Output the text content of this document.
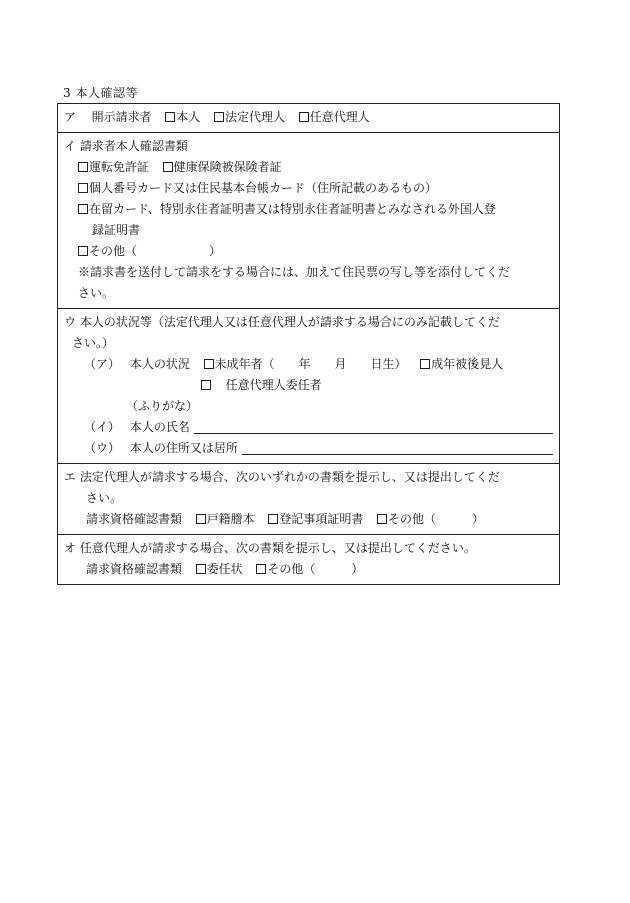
3 本人確認等
ア 開示請求者 本人 法定代理人 任意代理人
イ 請求者本人確認書類
運転免許証 健康保険被保険者証
個人番号カード又は住民基本台帳カード（住所記載のあるもの）
在留カード、特別永住者証明書又は特別永住者証明書とみなされる外国人登
録証明書
その他（　　　　　　）
※請求書を送付して請求をする場合には、加えて住民票の写し等を添付してくだ
さい。
ウ 本人の状況等（法定代理人又は任意代理人が請求する場合にのみ記載してくだ
さい。）
（ア） 本人の状況 未成年者（　　年　　月　　日生） 成年被後見人
任意代理人委任者
（ふりがな）
（イ） 本人の氏名
（ウ） 本人の住所又は居所
エ 法定代理人が請求する場合、次のいずれかの書類を提示し、又は提出してくだ
さい。
請求資格確認書類 戸籍謄本 登記事項証明書 その他（　　　）
オ 任意代理人が請求する場合、次の書類を提示し、又は提出してください。
請求資格確認書類 委任状 その他（　　　）
